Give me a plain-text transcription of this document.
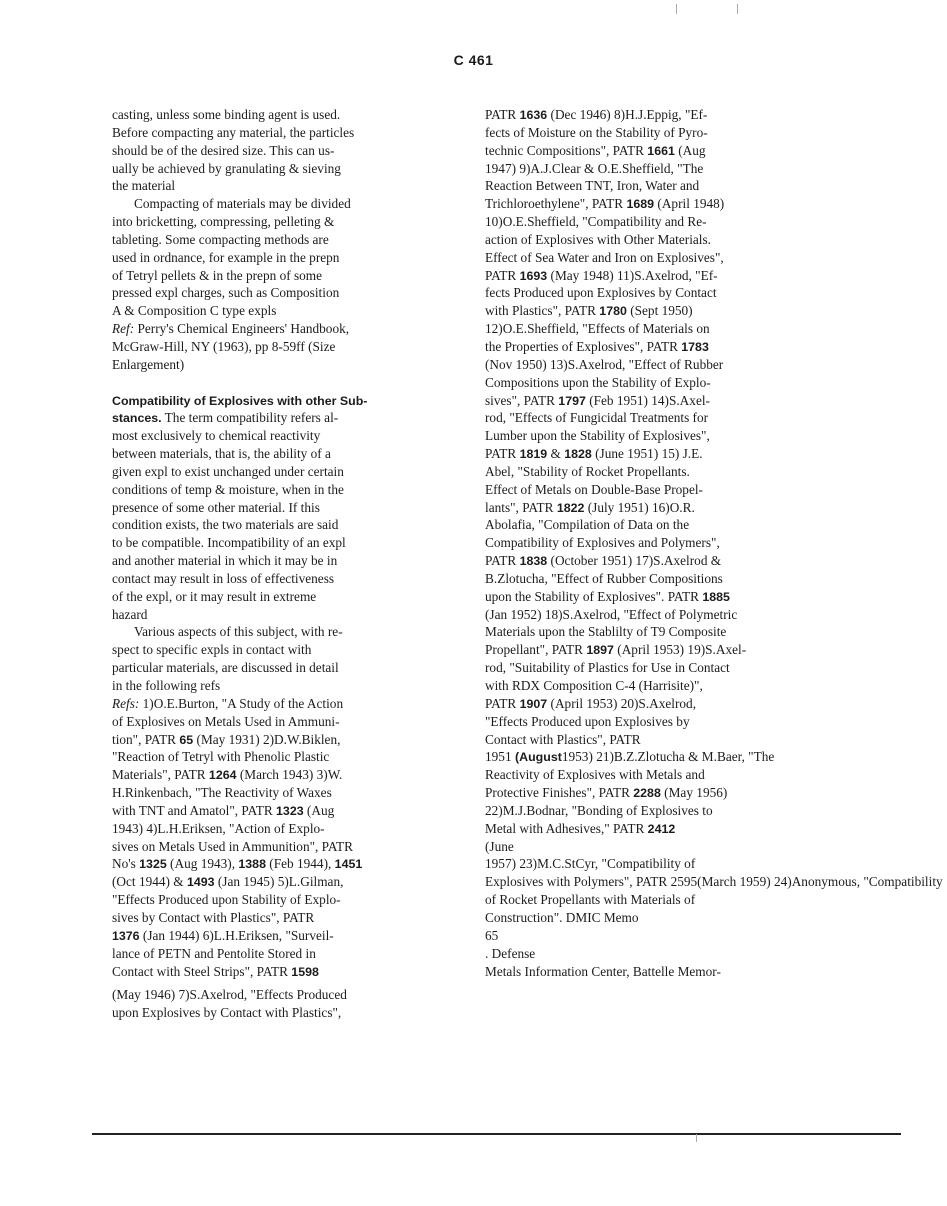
C 461
casting, unless some binding agent is used.
Before compacting any material, the particles
should be of the desired size. This can us-
ually be achieved by granulating & sieving
the material
Compacting of materials may be divided
into bricketting, compressing, pelleting &
tableting. Some compacting methods are
used in ordnance, for example in the prepn
of Tetryl pellets & in the prepn of some
pressed expl charges, such as Composition
A & Composition C type expls
Ref: Perry's Chemical Engineers' Handbook,
McGraw-Hill, NY (1963), pp 8-59ff (Size
Enlargement)
Compatibility of Explosives with other Sub-
stances. The term compatibility refers al-
most exclusively to chemical reactivity
between materials, that is, the ability of a
given expl to exist unchanged under certain
conditions of temp & moisture, when in the
presence of some other material. If this
condition exists, the two materials are said
to be compatible. Incompatibility of an expl
and another material in which it may be in
contact may result in loss of effectiveness
of the expl, or it may result in extreme
hazard
Various aspects of this subject, with re-
spect to specific expls in contact with
particular materials, are discussed in detail
in the following refs
Refs: 1)O.E.Burton, "A Study of the Action
of Explosives on Metals Used in Ammuni-
tion", PATR 65 (May 1931) 2)D.W.Biklen,
"Reaction of Tetryl with Phenolic Plastic
Materials", PATR 1264 (March 1943) 3)W.
H.Rinkenbach, "The Reactivity of Waxes
with TNT and Amatol", PATR 1323 (Aug
1943) 4)L.H.Eriksen, "Action of Explo-
sives on Metals Used in Ammunition", PATR
No's 1325 (Aug 1943), 1388 (Feb 1944), 1451
(Oct 1944) & 1493 (Jan 1945) 5)L.Gilman,
"Effects Produced upon Stability of Explo-
sives by Contact with Plastics", PATR
1376 (Jan 1944) 6)L.H.Eriksen, "Surveil-
lance of PETN and Pentolite Stored in
Contact with Steel Strips", PATR 1598
(May 1946) 7)S.Axelrod, "Effects Produced
upon Explosives by Contact with Plastics",
PATR 1636 (Dec 1946) 8)H.J.Eppig, "Ef-
fects of Moisture on the Stability of Pyro-
technic Compositions", PATR 1661 (Aug
1947) 9)A.J.Clear & O.E.Sheffield, "The
Reaction Between TNT, Iron, Water and
Trichloroethylene", PATR 1689 (April 1948)
10)O.E.Sheffield, "Compatibility and Re-
action of Explosives with Other Materials.
Effect of Sea Water and Iron on Explosives",
PATR 1693 (May 1948) 11)S.Axelrod, "Ef-
fects Produced upon Explosives by Contact
with Plastics", PATR 1780 (Sept 1950)
12)O.E.Sheffield, "Effects of Materials on
the Properties of Explosives", PATR 1783
(Nov 1950) 13)S.Axelrod, "Effect of Rubber
Compositions upon the Stability of Explo-
sives", PATR 1797 (Feb 1951) 14)S.Axel-
rod, "Effects of Fungicidal Treatments for
Lumber upon the Stability of Explosives",
PATR 1819 & 1828 (June 1951) 15) J.E.
Abel, "Stability of Rocket Propellants.
Effect of Metals on Double-Base Propel-
lants", PATR 1822 (July 1951) 16)O.R.
Abolafia, "Compilation of Data on the
Compatibility of Explosives and Polymers",
PATR 1838 (October 1951) 17)S.Axelrod &
B.Zlotucha, "Effect of Rubber Compositions
upon the Stability of Explosives". PATR 1885
(Jan 1952) 18)S.Axelrod, "Effect of Polymetric
Materials upon the Stablilty of T9 Composite
Propellant", PATR 1897 (April 1953) 19)S.Axel-
rod, "Suitability of Plastics for Use in Contact
with RDX Composition C-4 (Harrisite)",
PATR 1907 (April 1953) 20)S.Axelrod,
"Effects Produced upon Explosives by
Contact with Plastics", PATR
1951 (August1953) 21)B.Z.Zlotucha & M.Baer, "The
Reactivity of Explosives with Metals and
Protective Finishes", PATR 2288 (May 1956)
22)M.J.Bodnar, "Bonding of Explosives to
Metal with Adhesives," PATR 2412
(June
1957) 23)M.C.StCyr, "Compatibility of
Explosives with Polymers", PATR 2595(March 1959) 24)Anonymous, "Compatibility
of Rocket Propellants with Materials of
Construction". DMIC Memo
65
. Defense
Metals Information Center, Battelle Memor-
